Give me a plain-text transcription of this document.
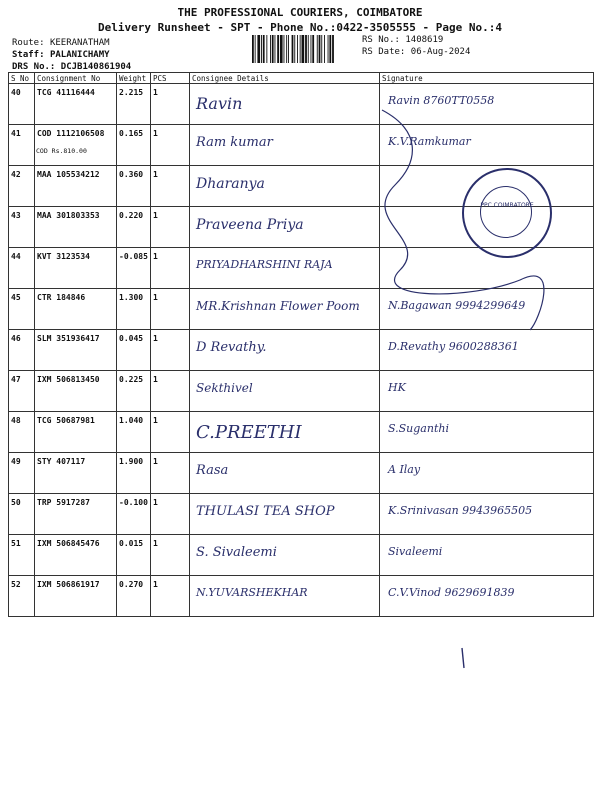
THE PROFESSIONAL COURIERS, COIMBATORE
Delivery Runsheet - SPT - Phone No.:0422-3505555 - Page No.:4
Route: KEERANATHAM
Staff: PALANICHAMY
DRS No.: DCJB140861904
RS No.: 1408619
RS Date: 06-Aug-2024
S No	Consignment No	Weight	PCS	Consignee Details	Signature
40	TCG 41116444	2.215	1	Ravin	Ravin 8760TT0558

41	COD 1112106508
COD Rs.810.00	0.165	1	Ram kumar	K.V.Ramkumar

42	MAA 105534212	0.360	1	Dharanya	

43	MAA 301803353	0.220	1	Praveena Priya	

44	KVT 3123534	-0.085	1	PRIYADHARSHINI RAJA	

45	CTR 184846	1.300	1	MR.Krishnan Flower Poom	N.Bagawan 9994299649

46	SLM 351936417	0.045	1	D Revathy.	D.Revathy 9600288361

47	IXM 506813450	0.225	1	Sekthivel	HK

48	TCG 50687981	1.040	1	C.PREETHI	S.Suganthi

49	STY 407117	1.900	1	Rasa	A Ilay

50	TRP 5917287	-0.100	1	THULASI TEA SHOP	K.Srinivasan 9943965505

51	IXM 506845476	0.015	1	S. Sivaleemi	Sivaleemi

52	IXM 506861917	0.270	1	N.YUVARSHEKHAR	C.V.Vinod 9629691839
PPC COIMBATORE
